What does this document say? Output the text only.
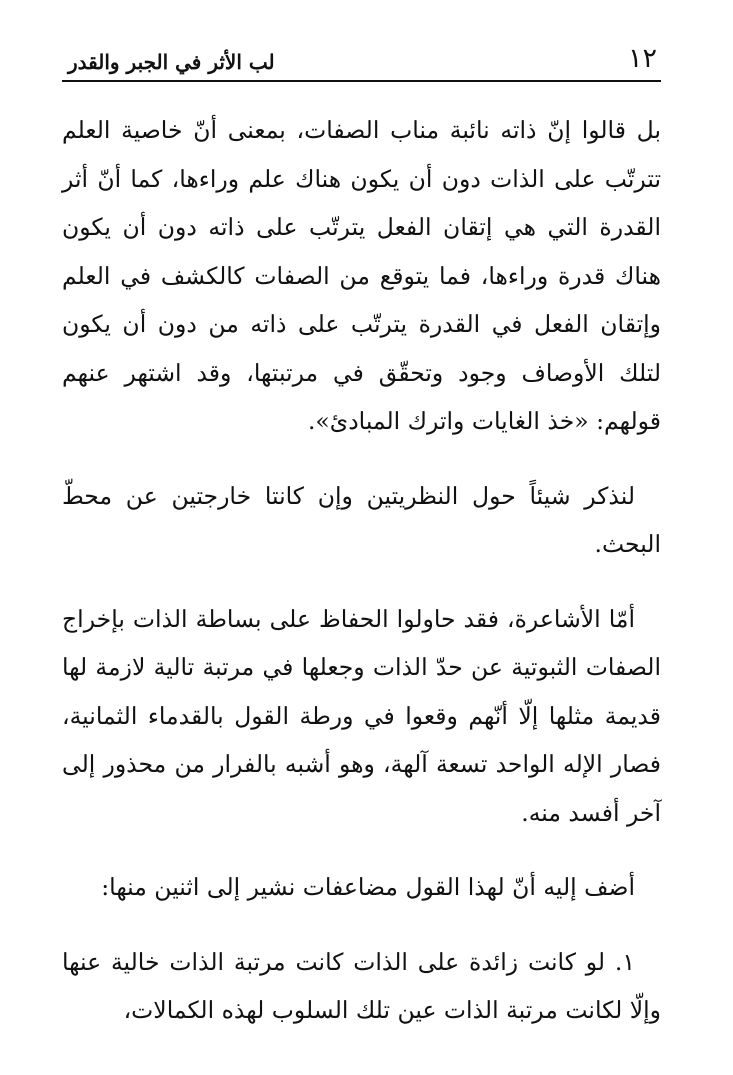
١٢
لب الأثر في الجبر والقدر

بل قالوا إنّ ذاته نائبة مناب الصفات، بمعنى أنّ خاصية العلم تترتّب على الذات دون أن يكون هناك علم وراءها، كما أنّ أثر القدرة التي هي إتقان الفعل يترتّب على ذاته دون أن يكون هناك قدرة وراءها، فما يتوقع من الصفات كالكشف في العلم وإتقان الفعل في القدرة يترتّب على ذاته من دون أن يكون لتلك الأوصاف وجود وتحقّق في مرتبتها، وقد اشتهر عنهم قولهم: «خذ الغايات واترك المبادئ».

لنذكر شيئاً حول النظريتين وإن كانتا خارجتين عن محطّ البحث.

أمّا الأشاعرة، فقد حاولوا الحفاظ على بساطة الذات بإخراج الصفات الثبوتية عن حدّ الذات وجعلها في مرتبة تالية لازمة لها قديمة مثلها إلّا أنّهم وقعوا في ورطة القول بالقدماء الثمانية، فصار الإله الواحد تسعة آلهة، وهو أشبه بالفرار من محذور إلى آخر أفسد منه.

أضف إليه أنّ لهذا القول مضاعفات نشير إلى اثنين منها:

١. لو كانت زائدة على الذات كانت مرتبة الذات خالية عنها وإلّا لكانت مرتبة الذات عين تلك السلوب لهذه الكمالات،
